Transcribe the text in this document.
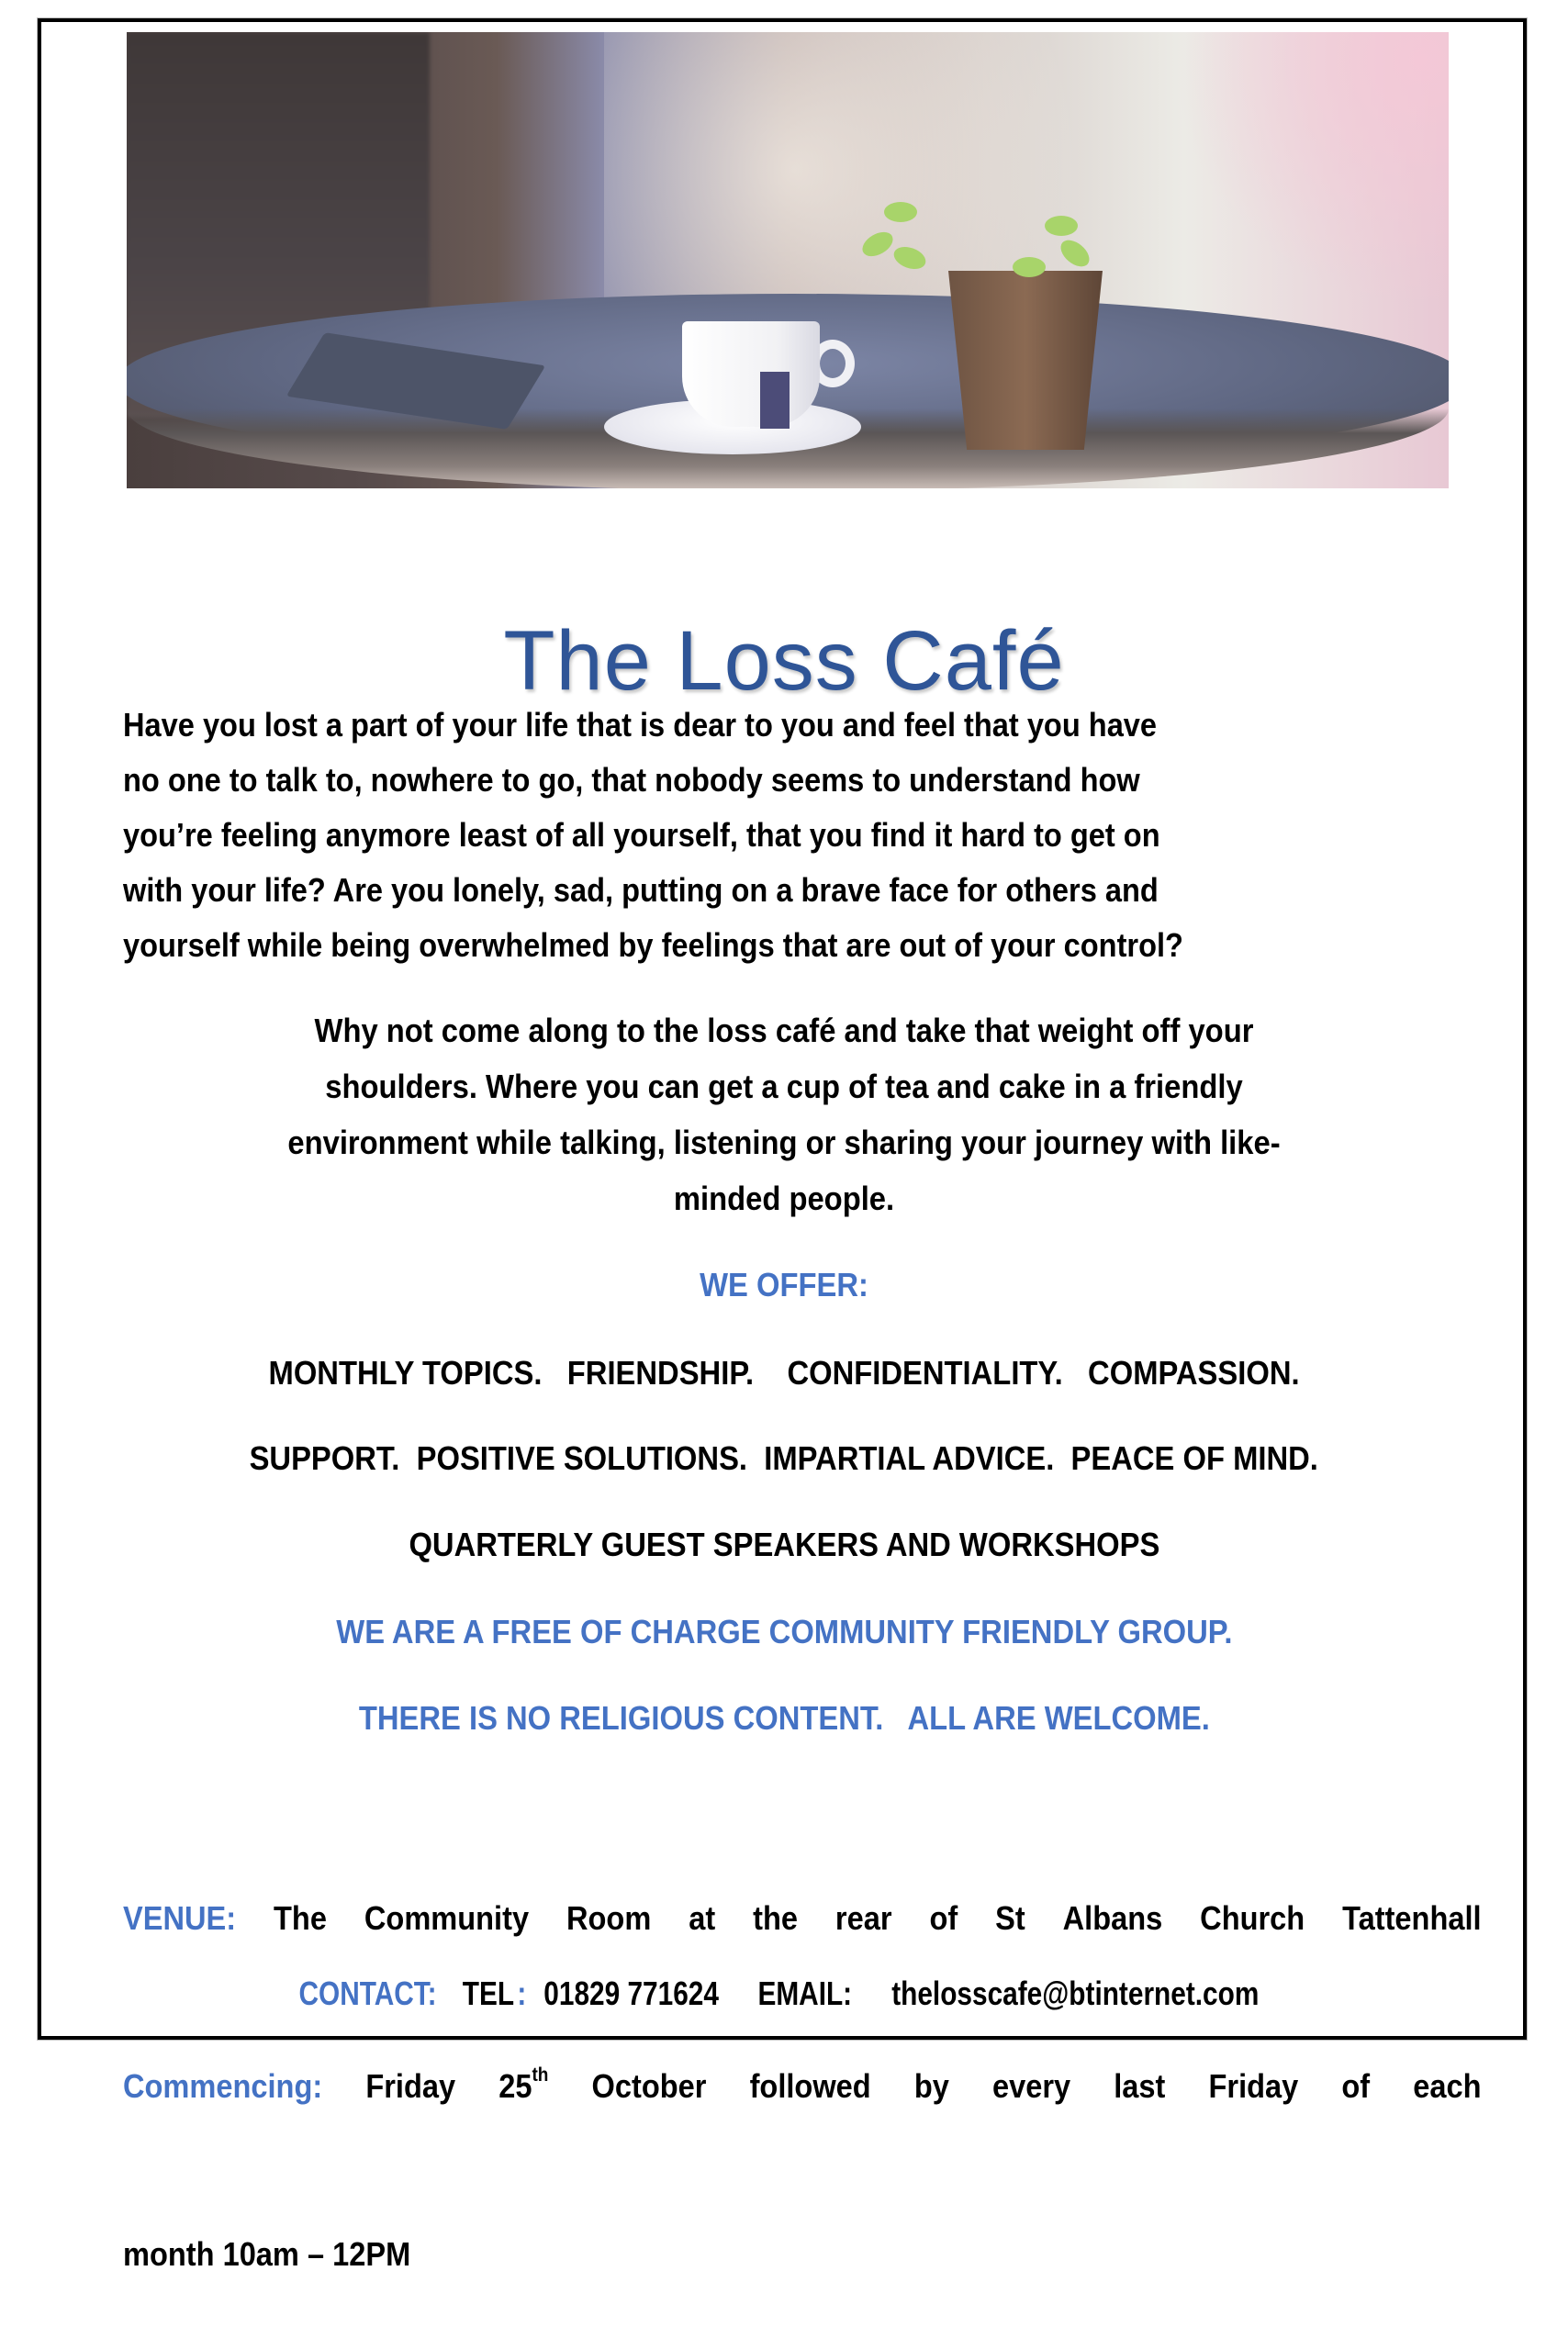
The Loss Café
Have you lost a part of your life that is dear to you and feel that you have
no one to talk to, nowhere to go, that nobody seems to understand how
you’re feeling anymore least of all yourself, that you find it hard to get on
with your life? Are you lonely, sad, putting on a brave face for others and
yourself while being overwhelmed by feelings that are out of your control?
Why not come along to the loss café and take that weight off your
shoulders. Where you can get a cup of tea and cake in a friendly
environment while talking, listening or sharing your journey with like-
minded people.
WE OFFER:
MONTHLY TOPICS.   FRIENDSHIP.    CONFIDENTIALITY.   COMPASSION.
SUPPORT.  POSITIVE SOLUTIONS.  IMPARTIAL ADVICE.  PEACE OF MIND.
QUARTERLY GUEST SPEAKERS AND WORKSHOPS
WE ARE A FREE OF CHARGE COMMUNITY FRIENDLY GROUP.
THERE IS NO RELIGIOUS CONTENT.   ALL ARE WELCOME.

VENUE: The Community Room at the rear of St Albans Church Tattenhall

Commencing: Friday 25th October followed by every last Friday of each

month 10am – 12PM

CONTACT: TEL: 01829 771624 EMAIL: thelosscafe@btinternet.com
